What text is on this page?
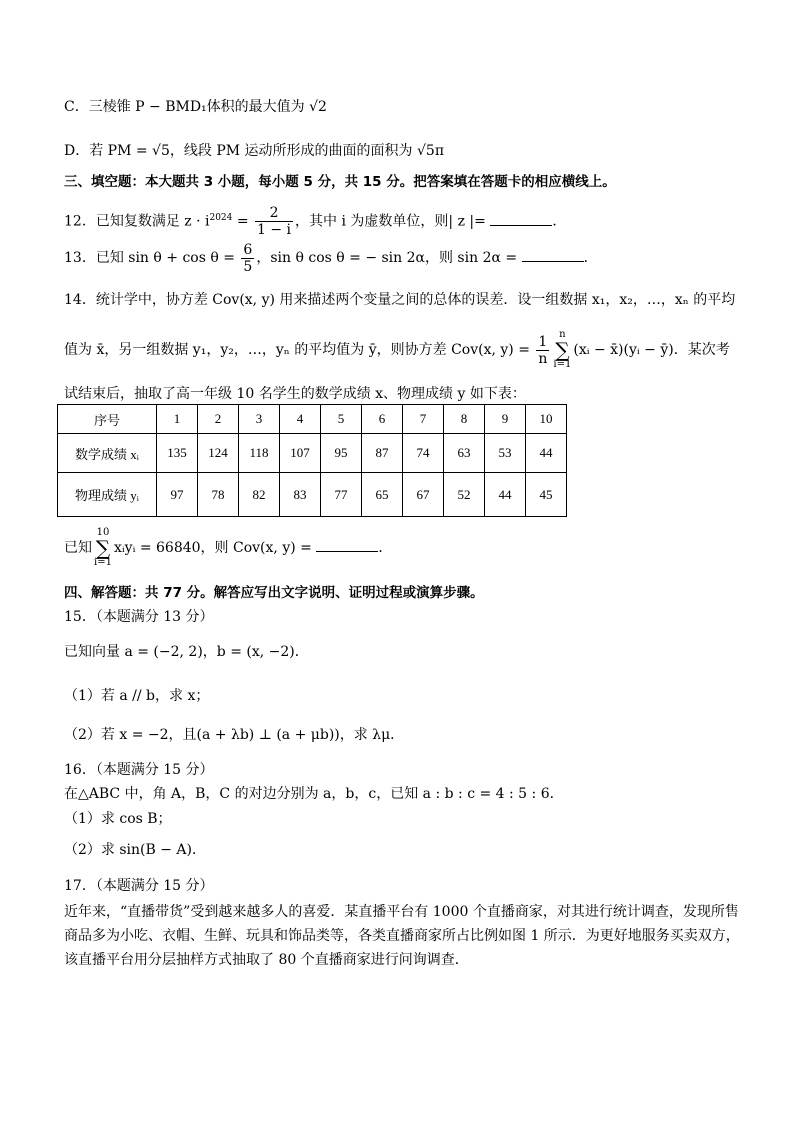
C．三棱锥 P − BMD₁体积的最大值为 √2
D．若 PM = √5，线段 PM 运动所形成的曲面的面积为 √5π
三、填空题：本大题共 3 小题，每小题 5 分，共 15 分。把答案填在答题卡的相应横线上。
12．已知复数满足 $z \cdot i^{2024} = \frac{2}{1 - i}$ ，其中 i 为虚数单位，则| z |=	．
13．已知 $\sin \theta + \cos \theta = \frac{6}{5}$ ，sin θ cos θ = − sin 2α，则 sin 2α =	．
14．统计学中，协方差 Cov(x, y) 用来描述两个变量之间的总体的误差．设一组数据 x₁，x₂，…，xₙ 的平均
值为 x̄，另一组数据 y₁，y₂，…，yₙ 的平均值为 ȳ，则协方差 Cov(x, $y) = \frac{1}{n}$ n
∑
i=1(xᵢ − x̄)(yᵢ − ȳ)．某次考
试结束后，抽取了高一年级 10 名学生的数学成绩 x、物理成绩 y 如下表：
序号	1	2	3	4	5	6	7	8	9	10
数学成绩 xᵢ	135	124	118	107	95	87	74	63	53	44
物理成绩 yᵢ	97	78	82	83	77	65	67	52	44	45
已知10
∑
i=1xᵢyᵢ = 66840，则 Cov(x, y) =	．
四、解答题：共 77 分。解答应写出文字说明、证明过程或演算步骤。
15．（本题满分 13 分）
已知向量 a = (−2, 2)，b = (x, −2)．
（1）若 a // b，求 x；
（2）若 x = −2，且(a + λb) ⊥ (a + μb))，求 λμ．
16．（本题满分 15 分）
在△ABC 中，角 A，B，C 的对边分别为 a，b，c，已知 a : b : c = 4 : 5 : 6．
（1）求 cos B；
（2）求 sin(B − A)．
17．（本题满分 15 分）
近年来，“直播带货”受到越来越多人的喜爱．某直播平台有 1000 个直播商家，对其进行统计调查，发现所售
商品多为小吃、衣帽、生鲜、玩具和饰品类等，各类直播商家所占比例如图 1 所示．为更好地服务买卖双方，
该直播平台用分层抽样方式抽取了 80 个直播商家进行问询调查．
